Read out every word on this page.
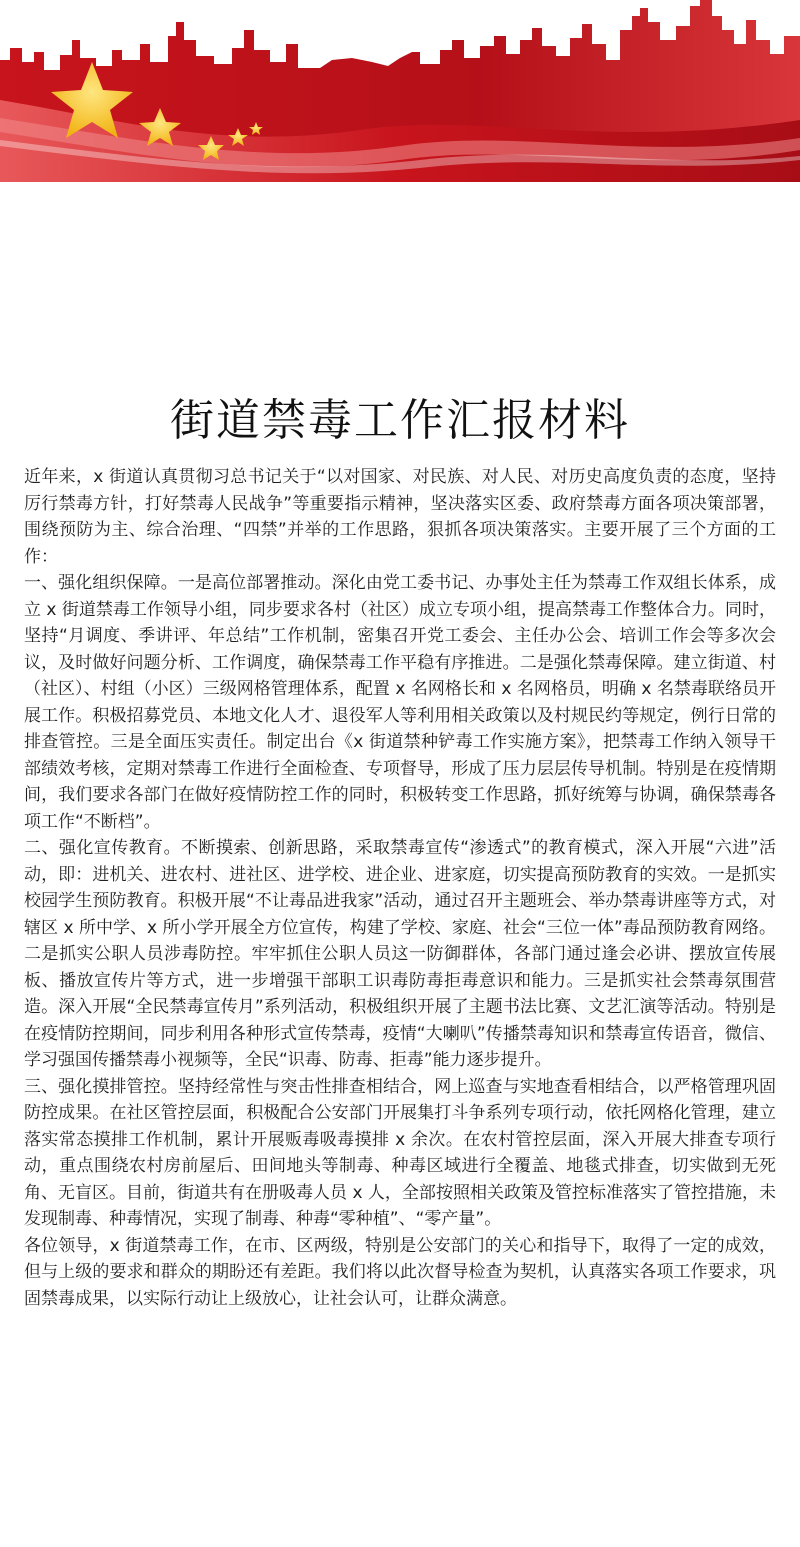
街道禁毒工作汇报材料

近年来，x 街道认真贯彻习总书记关于“以对国家、对民族、对人民、对历史高度负责的态度，坚持厉行禁毒方针，打好禁毒人民战争”等重要指示精神，坚决落实区委、政府禁毒方面各项决策部署，围绕预防为主、综合治理、“四禁”并举的工作思路，狠抓各项决策落实。主要开展了三个方面的工作：

一、强化组织保障。一是高位部署推动。深化由党工委书记、办事处主任为禁毒工作双组长体系，成立 x 街道禁毒工作领导小组，同步要求各村（社区）成立专项小组，提高禁毒工作整体合力。同时，坚持“月调度、季讲评、年总结”工作机制，密集召开党工委会、主任办公会、培训工作会等多次会议，及时做好问题分析、工作调度，确保禁毒工作平稳有序推进。二是强化禁毒保障。建立街道、村（社区）、村组（小区）三级网格管理体系，配置 x 名网格长和 x 名网格员，明确 x 名禁毒联络员开展工作。积极招募党员、本地文化人才、退役军人等利用相关政策以及村规民约等规定，例行日常的排查管控。三是全面压实责任。制定出台《x 街道禁种铲毒工作实施方案》，把禁毒工作纳入领导干部绩效考核，定期对禁毒工作进行全面检查、专项督导，形成了压力层层传导机制。特别是在疫情期间，我们要求各部门在做好疫情防控工作的同时，积极转变工作思路，抓好统筹与协调，确保禁毒各项工作“不断档”。

二、强化宣传教育。不断摸索、创新思路，采取禁毒宣传“渗透式”的教育模式，深入开展“六进”活动，即：进机关、进农村、进社区、进学校、进企业、进家庭，切实提高预防教育的实效。一是抓实校园学生预防教育。积极开展“不让毒品进我家”活动，通过召开主题班会、举办禁毒讲座等方式，对辖区 x 所中学、x 所小学开展全方位宣传，构建了学校、家庭、社会“三位一体”毒品预防教育网络。二是抓实公职人员涉毒防控。牢牢抓住公职人员这一防御群体，各部门通过逢会必讲、摆放宣传展板、播放宣传片等方式，进一步增强干部职工识毒防毒拒毒意识和能力。三是抓实社会禁毒氛围营造。深入开展“全民禁毒宣传月”系列活动，积极组织开展了主题书法比赛、文艺汇演等活动。特别是在疫情防控期间，同步利用各种形式宣传禁毒，疫情“大喇叭”传播禁毒知识和禁毒宣传语音，微信、学习强国传播禁毒小视频等，全民“识毒、防毒、拒毒”能力逐步提升。

三、强化摸排管控。坚持经常性与突击性排查相结合，网上巡查与实地查看相结合，以严格管理巩固防控成果。在社区管控层面，积极配合公安部门开展集打斗争系列专项行动，依托网格化管理，建立落实常态摸排工作机制，累计开展贩毒吸毒摸排 x 余次。在农村管控层面，深入开展大排查专项行动，重点围绕农村房前屋后、田间地头等制毒、种毒区域进行全覆盖、地毯式排查，切实做到无死角、无盲区。目前，街道共有在册吸毒人员 x 人，全部按照相关政策及管控标准落实了管控措施，未发现制毒、种毒情况，实现了制毒、种毒“零种植”、“零产量”。

各位领导，x 街道禁毒工作，在市、区两级，特别是公安部门的关心和指导下，取得了一定的成效，但与上级的要求和群众的期盼还有差距。我们将以此次督导检查为契机，认真落实各项工作要求，巩固禁毒成果，以实际行动让上级放心，让社会认可，让群众满意。
